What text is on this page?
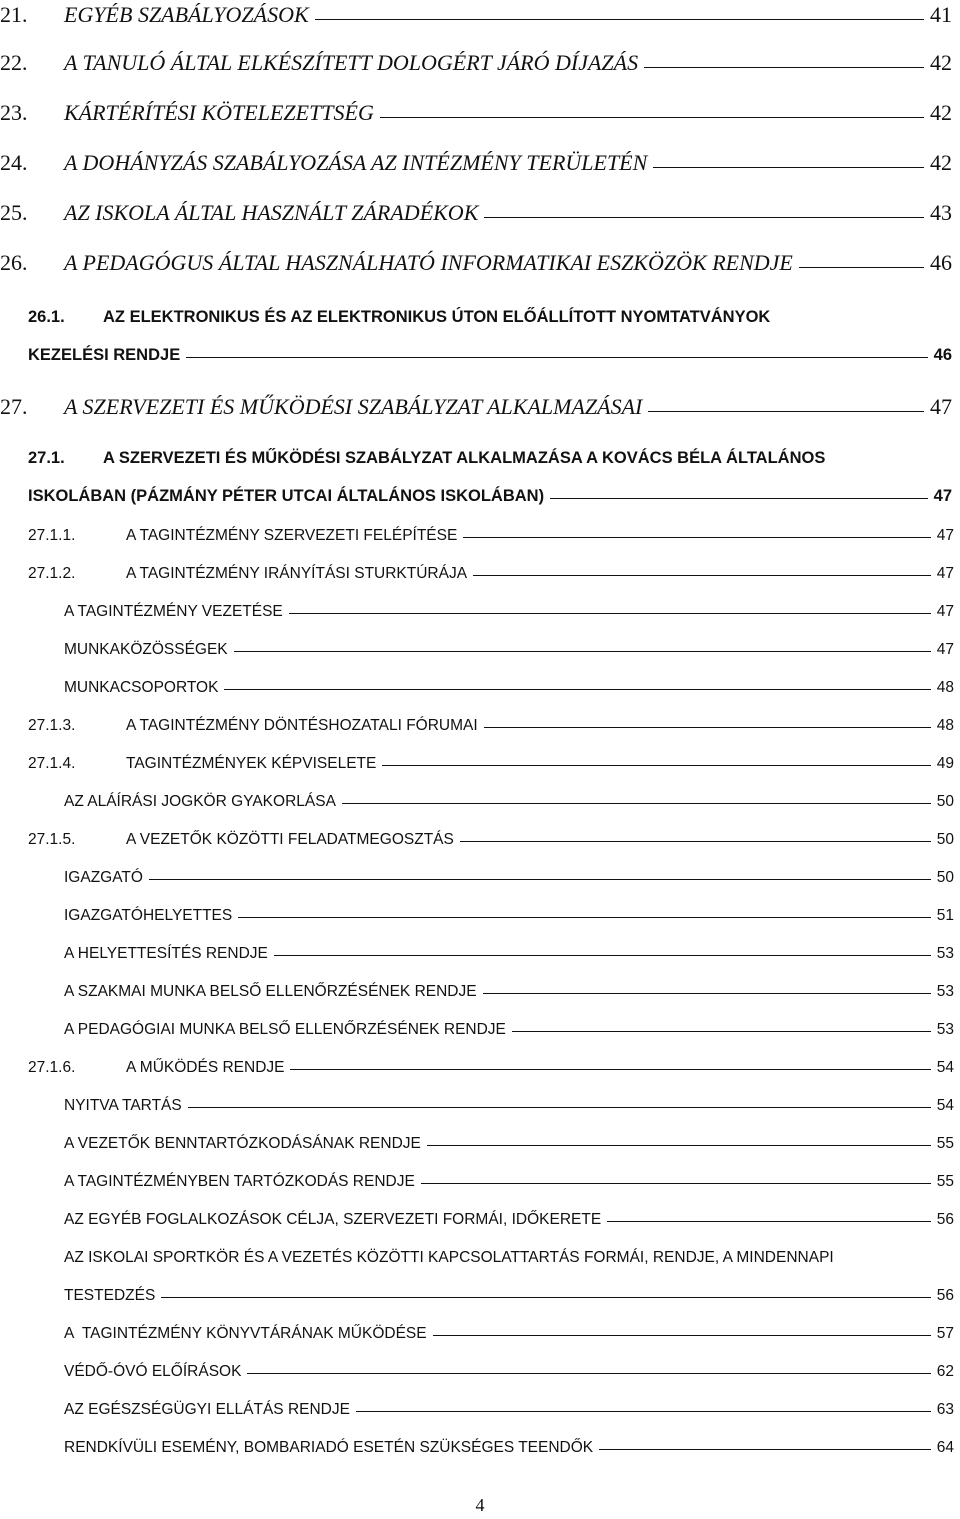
21.	EGYÉB SZABÁLYOZÁSOK	41
22.	A TANULÓ ÁLTAL ELKÉSZÍTETT DOLOGÉRT JÁRÓ DÍJAZÁS	42
23.	KÁRTÉRÍTÉSI KÖTELEZETTSÉG	42
24.	A DOHÁNYZÁS SZABÁLYOZÁSA AZ INTÉZMÉNY TERÜLETÉN	42
25.	AZ ISKOLA ÁLTAL HASZNÁLT ZÁRADÉKOK	43
26.	A PEDAGÓGUS ÁLTAL HASZNÁLHATÓ INFORMATIKAI ESZKÖZÖK RENDJE	46
26.1.	AZ ELEKTRONIKUS ÉS AZ ELEKTRONIKUS ÚTON ELŐÁLLÍTOTT NYOMTATVÁNYOK
KEZELÉSI RENDJE	46
27.	A SZERVEZETI ÉS MŰKÖDÉSI SZABÁLYZAT ALKALMAZÁSAI	47
27.1.	A SZERVEZETI ÉS MŰKÖDÉSI SZABÁLYZAT ALKALMAZÁSA A KOVÁCS BÉLA ÁLTALÁNOS
ISKOLÁBAN (PÁZMÁNY PÉTER UTCAI ÁLTALÁNOS ISKOLÁBAN)	47
27.1.1.	A TAGINTÉZMÉNY SZERVEZETI FELÉPÍTÉSE	47
27.1.2.	A TAGINTÉZMÉNY IRÁNYÍTÁSI STURKTÚRÁJA	47
A TAGINTÉZMÉNY VEZETÉSE	47
MUNKAKÖZÖSSÉGEK	47
MUNKACSOPORTOK	48
27.1.3.	A TAGINTÉZMÉNY DÖNTÉSHOZATALI FÓRUMAI	48
27.1.4.	TAGINTÉZMÉNYEK KÉPVISELETE	49
AZ ALÁÍRÁSI JOGKÖR GYAKORLÁSA	50
27.1.5.	A VEZETŐK KÖZÖTTI FELADATMEGOSZTÁS	50
IGAZGATÓ	50
IGAZGATÓHELYETTES	51
A HELYETTESÍTÉS RENDJE	53
A SZAKMAI MUNKA BELSŐ ELLENŐRZÉSÉNEK RENDJE	53
A PEDAGÓGIAI MUNKA BELSŐ ELLENŐRZÉSÉNEK RENDJE	53
27.1.6.	A MŰKÖDÉS RENDJE	54
NYITVA TARTÁS	54
A VEZETŐK BENNTARTÓZKODÁSÁNAK RENDJE	55
A TAGINTÉZMÉNYBEN TARTÓZKODÁS RENDJE	55
AZ EGYÉB FOGLALKOZÁSOK CÉLJA, SZERVEZETI FORMÁI, IDŐKERETE	56
AZ ISKOLAI SPORTKÖR ÉS A VEZETÉS KÖZÖTTI KAPCSOLATTARTÁS FORMÁI, RENDJE, A MINDENNAPI
TESTEDZÉS	56
A  TAGINTÉZMÉNY KÖNYVTÁRÁNAK MŰKÖDÉSE	57
VÉDŐ-ÓVÓ ELŐÍRÁSOK	62
AZ EGÉSZSÉGÜGYI ELLÁTÁS RENDJE	63
RENDKÍVÜLI ESEMÉNY, BOMBARIADÓ ESETÉN SZÜKSÉGES TEENDŐK	64
4
